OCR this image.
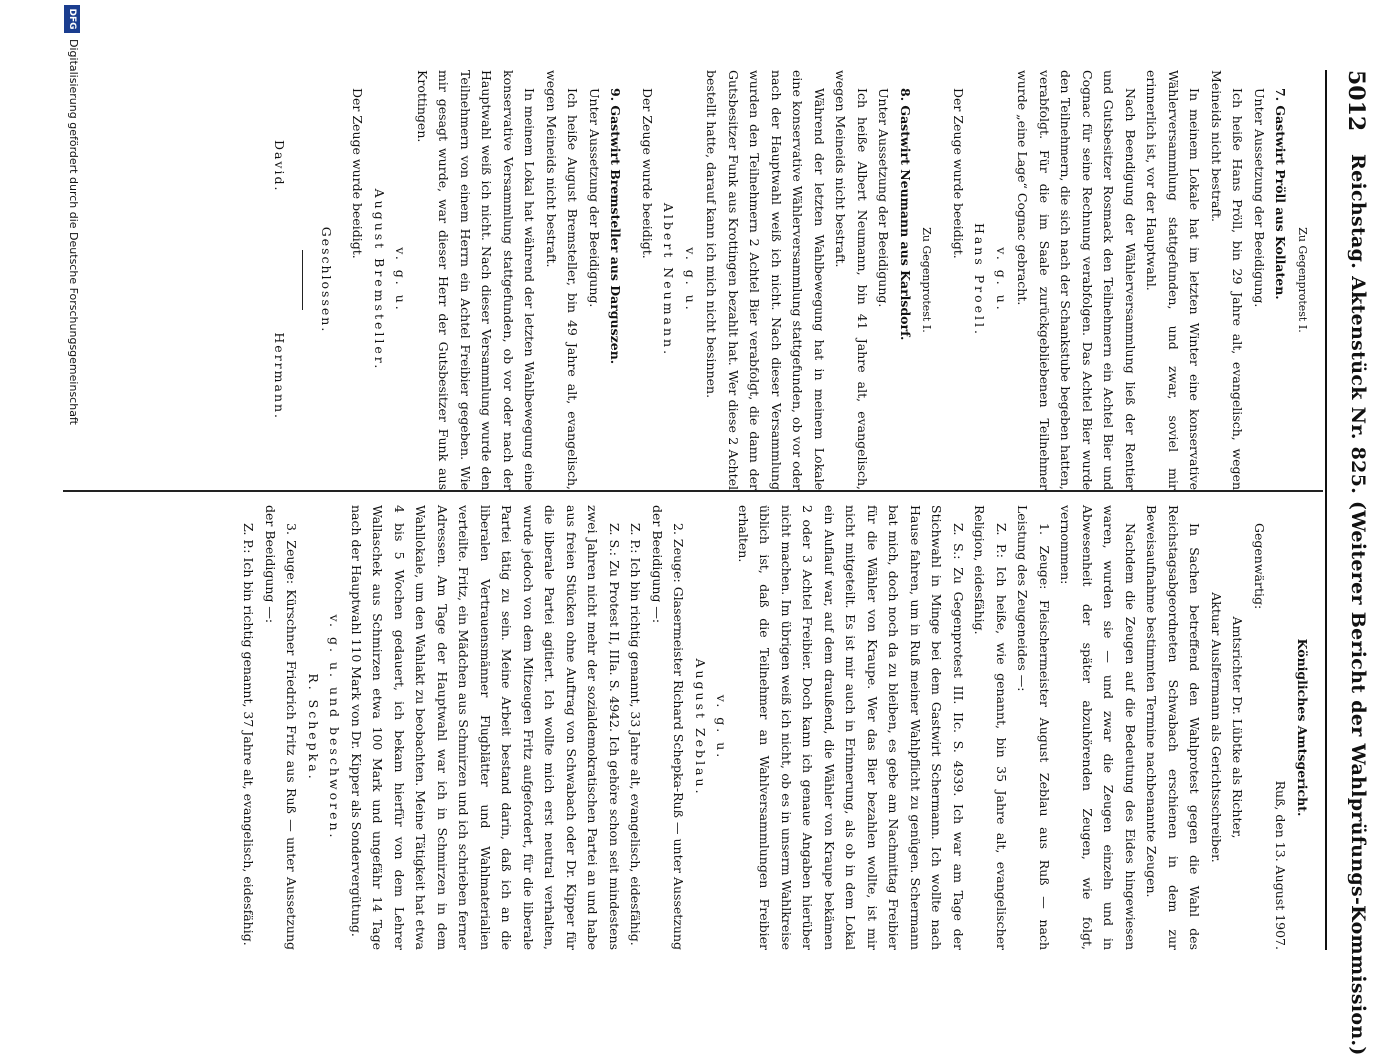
5012
Reichstag. Aktenstück Nr. 825. (Weiterer Bericht der Wahlprüfungs-Kommission.)

Zu Gegenprotest I.

7. Gastwirt Pröll aus Kollaten.

Unter Aussetzung der Beeidigung.

Ich heiße Hans Pröll, bin 29 Jahre alt, evangelisch, wegen Meineids nicht bestraft.

In meinem Lokale hat im letzten Winter eine konservative Wählerversammlung stattgefunden, und zwar, soviel mir erinnerlich ist, vor der Hauptwahl.

Nach Beendigung der Wählerversammlung ließ der Rentier und Gutsbesitzer Rosmack den Teilnehmern ein Achtel Bier und Cognac für seine Rechnung verabfolgen. Das Achtel Bier wurde den Teilnehmern, die sich nach der Schankstube begeben hatten, verabfolgt. Für die im Saale zurückgebliebenen Teilnehmer wurde „eine Lage“ Cognac gebracht.

v. g. u.

Hans Proell.

Der Zeuge wurde beeidigt.

Zu Gegenprotest I.

8. Gastwirt Neumann aus Karlsdorf.

Unter Aussetzung der Beeidigung.

Ich heiße Albert Neumann, bin 41 Jahre alt, evangelisch, wegen Meineids nicht bestraft.

Während der letzten Wahlbewegung hat in meinem Lokale eine konservative Wählerversammlung stattgefunden, ob vor oder nach der Hauptwahl weiß ich nicht. Nach dieser Versammlung wurden den Teilnehmern 2 Achtel Bier verabfolgt, die dann der Gutsbesitzer Funk aus Krottingen bezahlt hat. Wer diese 2 Achtel bestellt hatte, darauf kann ich mich nicht besinnen.

v. g. u.

Albert Neumann.

Der Zeuge wurde beeidigt.

9. Gastwirt Bremsteller aus Darguszen.

Unter Aussetzung der Beeidigung.

Ich heiße August Bremsteller, bin 49 Jahre alt, evangelisch, wegen Meineids nicht bestraft.

In meinem Lokal hat während der letzten Wahlbewegung eine konservative Versammlung stattgefunden, ob vor oder nach der Hauptwahl weiß ich nicht. Nach dieser Versammlung wurde den Teilnehmern von einem Herrn ein Achtel Freibier gegeben. Wie mir gesagt wurde, war dieser Herr der Gutsbesitzer Funk aus Krottingen.

v. g. u.

August Bremsteller.

Der Zeuge wurde beeidigt.

Geschlossen.

David.
Herrmann.

Königliches Amtsgericht.

Ruß, den 13. August 1907.

Gegenwärtig:

Amtsrichter Dr. Lübtke als Richter,

Aktuar Auslfermann als Gerichtsschreiber.

In Sachen betreffend den Wahlprotest gegen die Wahl des Reichstagsabgeordneten Schwabach erschienen in dem zur Beweisaufnahme bestimmten Termine nachbenannte Zeugen.

Nachdem die Zeugen auf die Bedeutung des Eides hingewiesen waren, wurden sie — und zwar die Zeugen einzeln und in Abwesenheit der später abzuhörenden Zeugen, wie folgt, vernommen:

1. Zeuge: Fleischermeister August Zeblau aus Ruß — nach Leistung des Zeugeneides —:

Z. P.: Ich heiße, wie genannt, bin 35 Jahre alt, evangelischer Religion, eidesfähig.

Z. S.: Zu Gegenprotest III. IIc. S. 4939. Ich war am Tage der Stichwahl in Minge bei dem Gastwirt Schermann. Ich wollte nach Hause fahren, um in Ruß meiner Wahlpflicht zu genügen. Schermann bat mich, doch noch da zu bleiben, es gebe am Nachmittag Freibier für die Wähler von Kraupe. Wer das Bier bezahlen wollte, ist mir nicht mitgeteilt. Es ist mir auch in Erinnerung, als ob in dem Lokal ein Auflauf war, auf dem draußend, die Wähler von Kraupe bekämen 2 oder 3 Achtel Freibier. Doch kann ich genaue Angaben hierüber nicht machen. Im übrigen weiß ich nicht, ob es in unserm Wahlkreise üblich ist, daß die Teilnehmer an Wahlversammlungen Freibier erhalten.

v. g. u.

August Zeblau.

2. Zeuge: Glasermeister Richard Schepka-Ruß — unter Aussetzung der Beeidigung —:

Z. P.: Ich bin richtig genannt, 33 Jahre alt, evangelisch, eidesfähig.

Z. S.: Zu Protest II, IIIa. S. 4942. Ich gehöre schon seit mindestens zwei Jahren nicht mehr der sozialdemokratischen Partei an und habe aus freien Stücken ohne Auftrag von Schwabach oder Dr. Kipper für die liberale Partei agitiert. Ich wollte mich erst neutral verhalten, wurde jedoch von dem Mitzeugen Fritz aufgefordert, für die liberale Partei tätig zu sein. Meine Arbeit bestand darin, daß ich an die liberalen Vertrauensmänner Flugblätter und Wahlmaterialien verteilte. Fritz, ein Mädchen aus Schmirzen und ich schrieben ferner Adressen. Am Tage der Hauptwahl war ich in Schmirzen in dem Wahllokale, um den Wahlakt zu beobachten. Meine Tätigkeit hat etwa 4 bis 5 Wochen gedauert, ich bekam hierfür von dem Lehrer Wallaschek aus Schmirzen etwa 100 Mark und ungefähr 14 Tage nach der Hauptwahl 110 Mark von Dr. Kipper als Sondervergütung.

v. g. u. und beschworen.

R. Schepka.

3. Zeuge: Kürschner Friedrich Fritz aus Ruß — unter Aussetzung der Beeidigung —:

Z. P.: Ich bin richtig genannt, 37 Jahre alt, evangelisch, eidesfähig.

DFG
Digitalisierung gefördert durch die Deutsche Forschungsgemeinschaft
